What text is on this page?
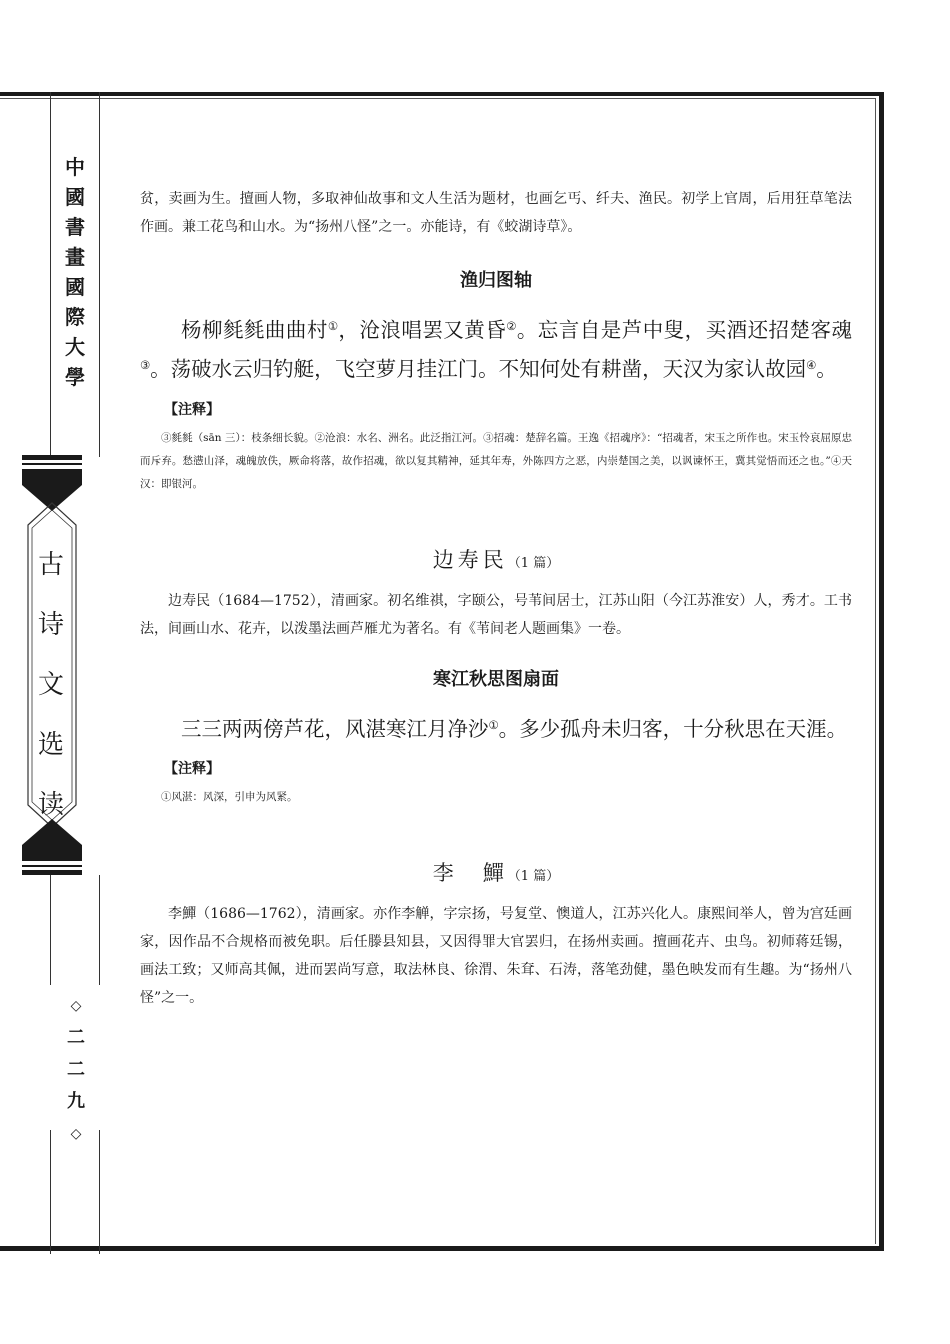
中
國
書
畫
國
際
大
學
古
诗
文
选
读
◇
二
二
九
◇

贫，卖画为生。擅画人物，多取神仙故事和文人生活为题材，也画乞丐、纤夫、渔民。初学上官周，后用狂草笔法作画。兼工花鸟和山水。为“扬州八怪”之一。亦能诗，有《蛟湖诗草》。

渔归图轴

杨柳毵毵曲曲村①，沧浪唱罢又黄昏②。忘言自是芦中叟，买酒还招楚客魂③。荡破水云归钓艇，飞空萝月挂江门。不知何处有耕凿，天汉为家认故园④。

【注释】

③毵毵（sān 三）：枝条细长貌。②沧浪：水名、洲名。此泛指江河。③招魂：楚辞名篇。王逸《招魂序》：“招魂者，宋玉之所作也。宋玉怜哀屈原忠而斥弃。愁懑山泽，魂魄放佚，厥命将落，故作招魂，欲以复其精神，延其年寿，外陈四方之恶，内崇楚国之美，以讽谏怀王，冀其觉悟而还之也。”④天汉：即银河。

边寿民（1 篇）

边寿民（1684—1752），清画家。初名维祺，字颐公，号苇间居士，江苏山阳（今江苏淮安）人，秀才。工书法，间画山水、花卉，以泼墨法画芦雁尤为著名。有《苇间老人题画集》一卷。

寒江秋思图扇面

三三两两傍芦花，风湛寒江月净沙①。多少孤舟未归客，十分秋思在天涯。

【注释】

①风湛：风深，引申为风紧。

李　鱓（1 篇）

李鱓（1686—1762），清画家。亦作李觯，字宗扬，号复堂、懊道人，江苏兴化人。康熙间举人，曾为宫廷画家，因作品不合规格而被免职。后任滕县知县，又因得罪大官罢归，在扬州卖画。擅画花卉、虫鸟。初师蒋廷锡，画法工致；又师高其佩，进而罢尚写意，取法林良、徐渭、朱耷、石涛，落笔劲健，墨色映发而有生趣。为“扬州八怪”之一。
